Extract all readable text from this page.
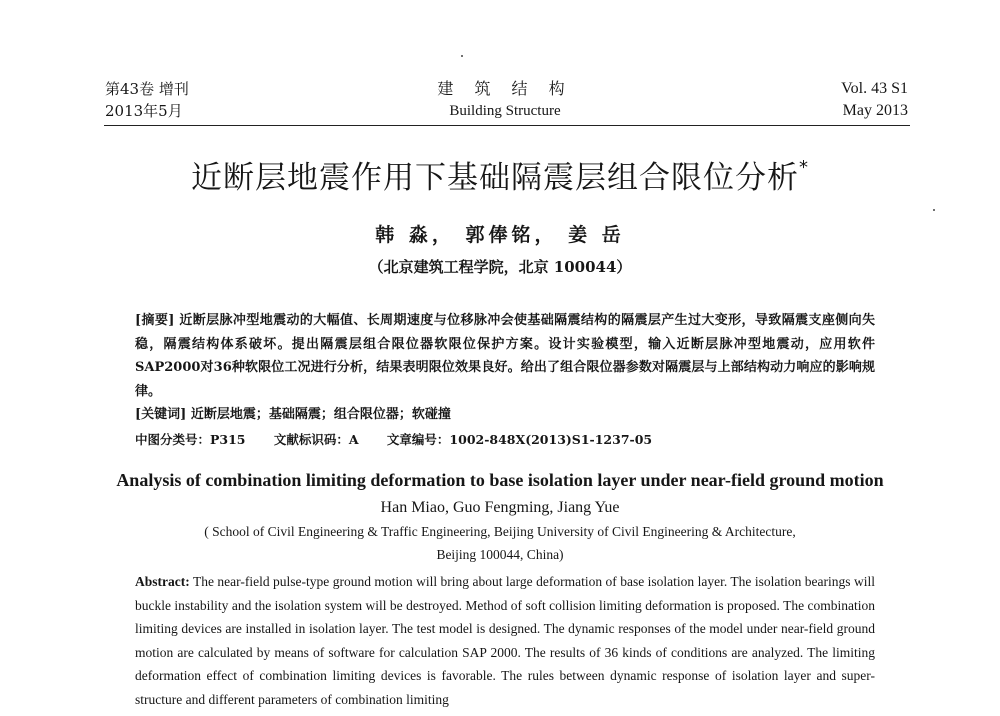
第43卷 增刊
2013年5月
建 筑 结 构
Building Structure
Vol. 43 S1
May 2013
近断层地震作用下基础隔震层组合限位分析*
韩 淼， 郭俸铭， 姜 岳
（北京建筑工程学院，北京 100044）
[摘要] 近断层脉冲型地震动的大幅值、长周期速度与位移脉冲会使基础隔震结构的隔震层产生过大变形，导致隔震支座侧向失稳，隔震结构体系破坏。提出隔震层组合限位器软限位保护方案。设计实验模型，输入近断层脉冲型地震动，应用软件SAP2000对36种软限位工况进行分析，结果表明限位效果良好。给出了组合限位器参数对隔震层与上部结构动力响应的影响规律。
[关键词] 近断层地震；基础隔震；组合限位器；软碰撞
中图分类号：P315 文献标识码：A 文章编号：1002-848X(2013)S1-1237-05
Analysis of combination limiting deformation to base isolation layer under near-field ground motion
Han Miao, Guo Fengming, Jiang Yue
( School of Civil Engineering & Traffic Engineering, Beijing University of Civil Engineering & Architecture,
Beijing 100044, China)
Abstract: The near-field pulse-type ground motion will bring about large deformation of base isolation layer. The isolation bearings will buckle instability and the isolation system will be destroyed. Method of soft collision limiting deformation is proposed. The combination limiting devices are installed in isolation layer. The test model is designed. The dynamic responses of the model under near-field ground motion are calculated by means of software for calculation SAP 2000. The results of 36 kinds of conditions are analyzed. The limiting deformation effect of combination limiting devices is favorable. The rules between dynamic response of isolation layer and super-structure and different parameters of combination limiting
